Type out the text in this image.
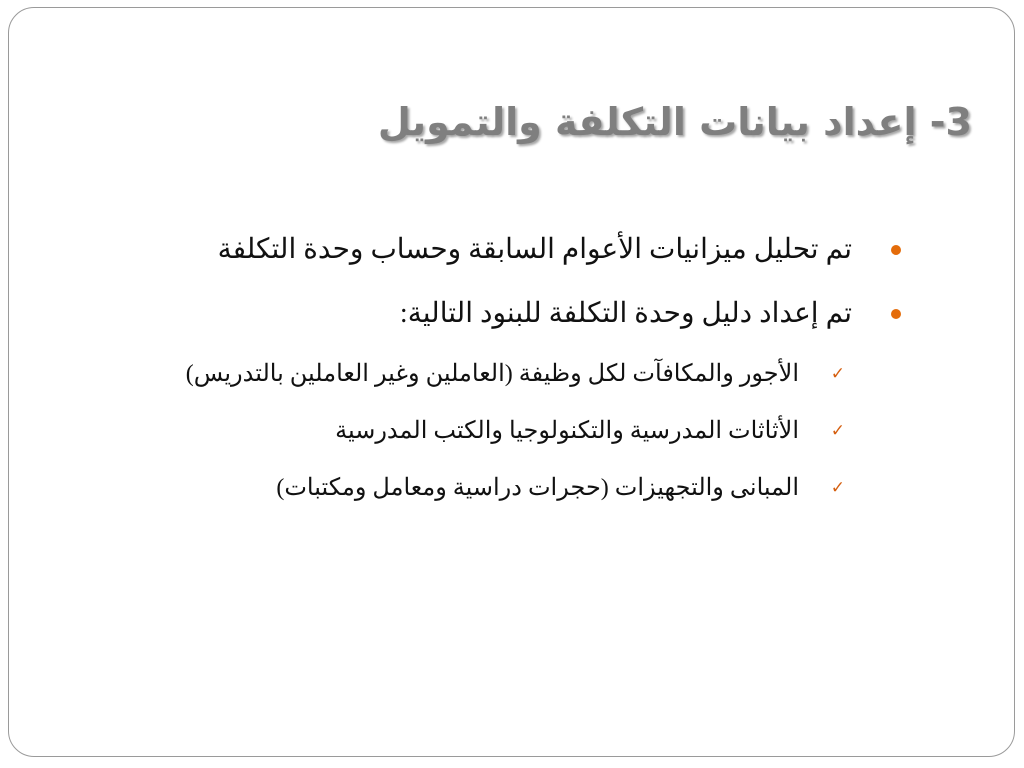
3- إعداد بيانات التكلفة والتمويل
تم تحليل ميزانيات الأعوام السابقة وحساب وحدة التكلفة
تم إعداد دليل وحدة التكلفة للبنود التالية:
✓
الأجور والمكافآت لكل وظيفة (العاملين وغير العاملين بالتدريس)
✓
الأثاثات المدرسية والتكنولوجيا والكتب المدرسية
✓
المبانى والتجهيزات (حجرات دراسية ومعامل ومكتبات)
